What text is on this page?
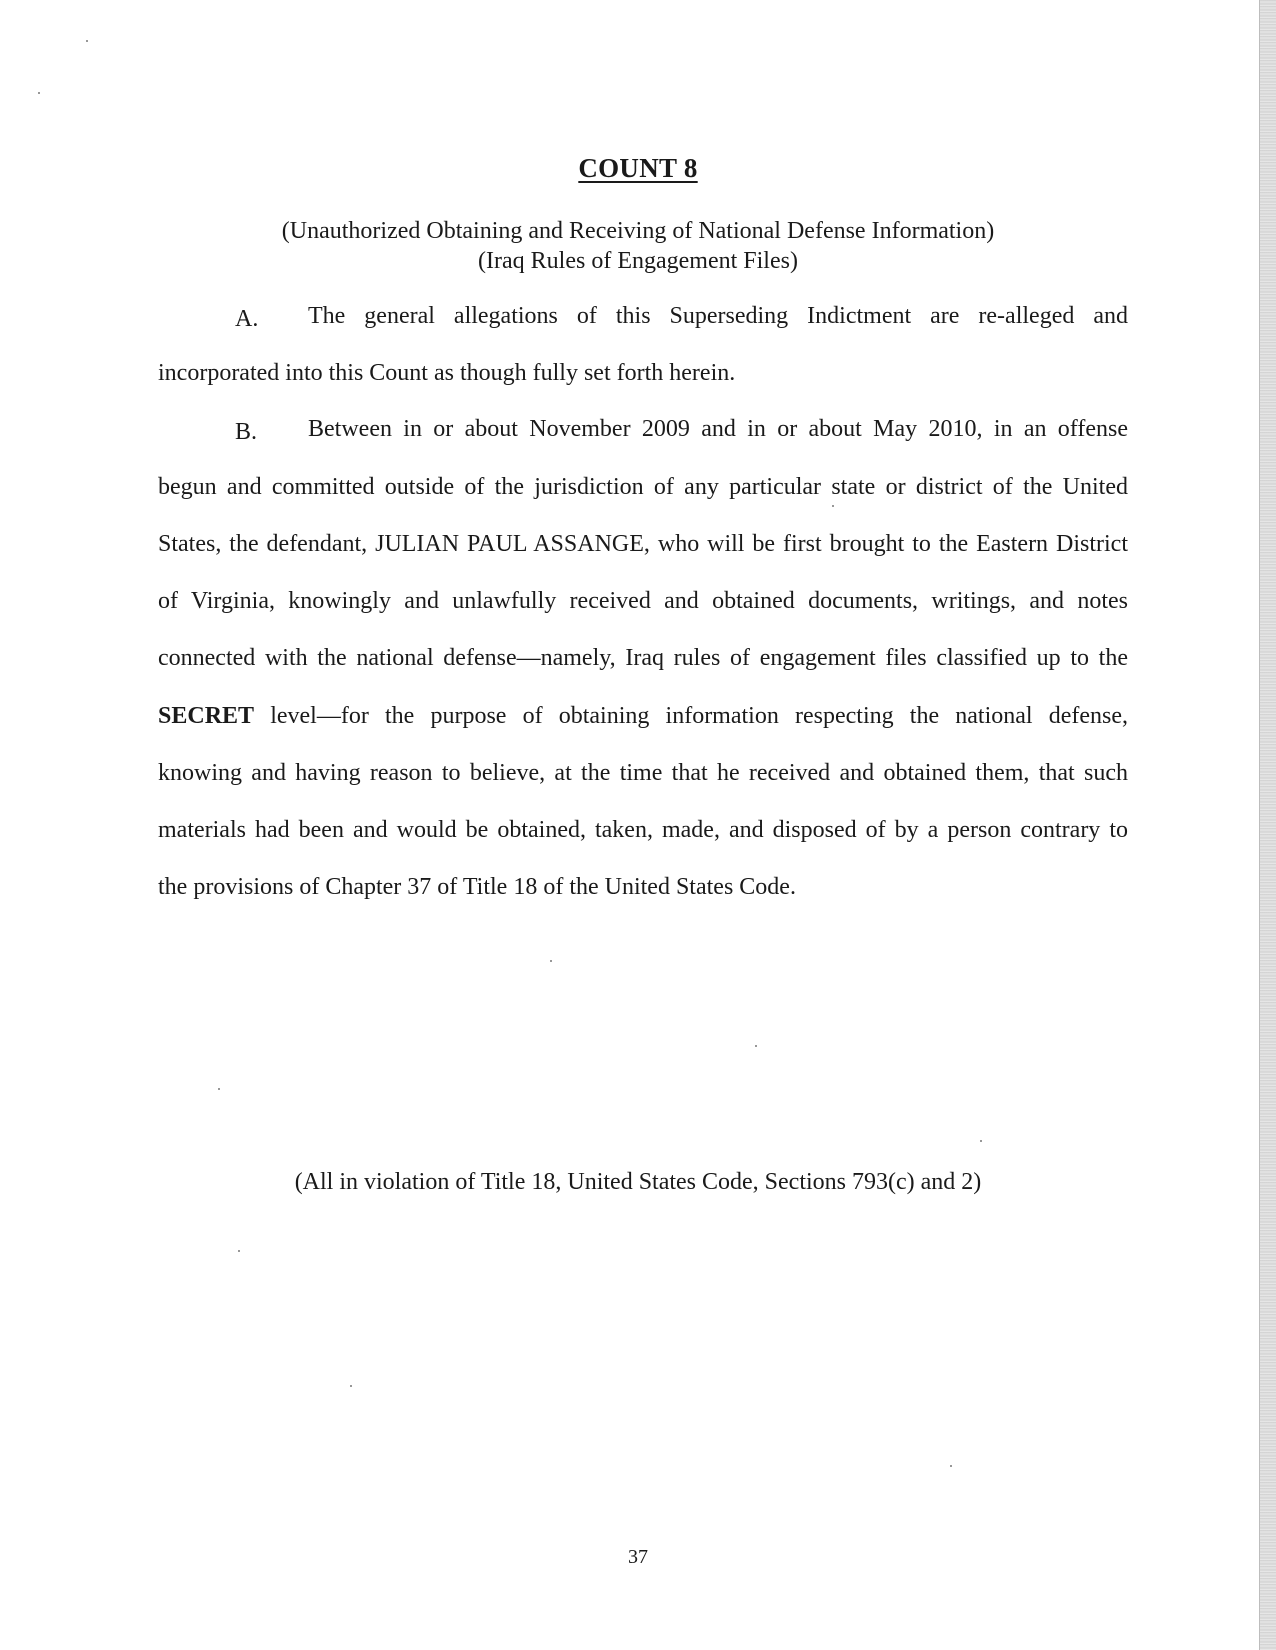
COUNT 8
(Unauthorized Obtaining and Receiving of National Defense Information)
(Iraq Rules of Engagement Files)
A. The general allegations of this Superseding Indictment are re-alleged and
incorporated into this Count as though fully set forth herein.
B. Between in or about November 2009 and in or about May 2010, in an offense
begun and committed outside of the jurisdiction of any particular state or district of the United
States, the defendant, JULIAN PAUL ASSANGE, who will be first brought to the Eastern District
of Virginia, knowingly and unlawfully received and obtained documents, writings, and notes
connected with the national defense—namely, Iraq rules of engagement files classified up to the
SECRET level—for the purpose of obtaining information respecting the national defense,
knowing and having reason to believe, at the time that he received and obtained them, that such
materials had been and would be obtained, taken, made, and disposed of by a person contrary to
the provisions of Chapter 37 of Title 18 of the United States Code.
(All in violation of Title 18, United States Code, Sections 793(c) and 2)
37
